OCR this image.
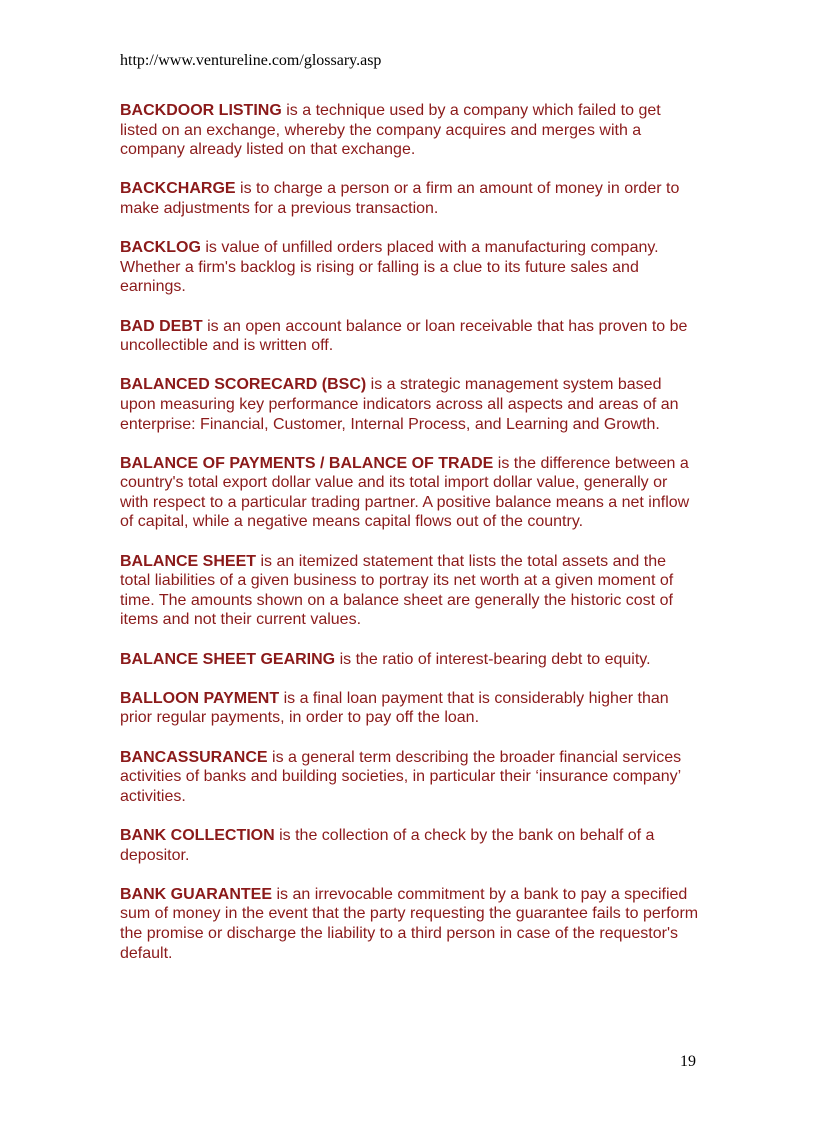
http://www.ventureline.com/glossary.asp

BACKDOOR LISTING is a technique used by a company which failed to get listed on an exchange, whereby the company acquires and merges with a company already listed on that exchange.

BACKCHARGE is to charge a person or a firm an amount of money in order to make adjustments for a previous transaction.

BACKLOG is value of unfilled orders placed with a manufacturing company. Whether a firm's backlog is rising or falling is a clue to its future sales and earnings.

BAD DEBT is an open account balance or loan receivable that has proven to be uncollectible and is written off.

BALANCED SCORECARD (BSC) is a strategic management system based upon measuring key performance indicators across all aspects and areas of an enterprise: Financial, Customer, Internal Process, and Learning and Growth.

BALANCE OF PAYMENTS / BALANCE OF TRADE is the difference between a country's total export dollar value and its total import dollar value, generally or with respect to a particular trading partner. A positive balance means a net inflow of capital, while a negative means capital flows out of the country.

BALANCE SHEET is an itemized statement that lists the total assets and the total liabilities of a given business to portray its net worth at a given moment of time. The amounts shown on a balance sheet are generally the historic cost of items and not their current values.

BALANCE SHEET GEARING is the ratio of interest-bearing debt to equity.

BALLOON PAYMENT is a final loan payment that is considerably higher than prior regular payments, in order to pay off the loan.

BANCASSURANCE is a general term describing the broader financial services activities of banks and building societies, in particular their ‘insurance company’ activities.

BANK COLLECTION is the collection of a check by the bank on behalf of a depositor.

BANK GUARANTEE is an irrevocable commitment by a bank to pay a specified sum of money in the event that the party requesting the guarantee fails to perform the promise or discharge the liability to a third person in case of the requestor's default.

19
